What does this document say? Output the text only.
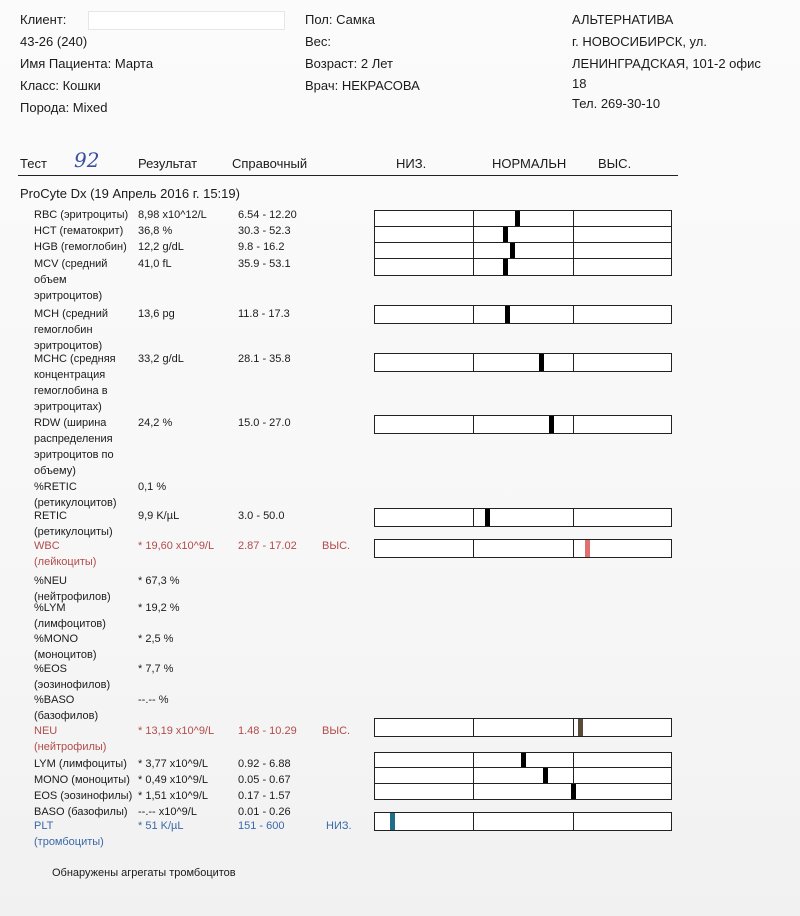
Клиент:
43-26 (240)
Имя Пациента: Марта
Класс: Кошки
Порода: Mixed
Пол: Самка
Вес:
Возраст: 2 Лет
Врач: НЕКРАСОВА
АЛЬТЕРНАТИВА
г. НОВОСИБИРСК, ул.
ЛЕНИНГРАДСКАЯ, 101-2 офис
18
Тел. 269-30-10
Тест 92	Результат	Справочный	НИЗ.	НОРМАЛЬН ВЫС.
ProCyte Dx (19 Апрель 2016 г. 15:19)
RBC (эритроциты) 8,98 x10^12/L	6.54 - 12.20
HCT (гематокрит) 36,8 %	30.3 - 52.3
HGB (гемоглобин) 12,2 g/dL	9.8 - 16.2
MCV (средний
объем
эритроцитов)
41,0 fL	35.9 - 53.1
MCH (средний
гемоглобин
эритроцитов)
13,6 pg	11.8 - 17.3
MCHC (средняя
концентрация
гемоглобина в
эритроцитах)
33,2 g/dL	28.1 - 35.8
RDW (ширина
распределения
эритроцитов по
объему)
24,2 %	15.0 - 27.0
%RETIC
(ретикулоцитов)
0,1 %
RETIC
(ретикулоциты)
9,9 K/µL	3.0 - 50.0
WBC
(лейкоциты)
* 19,60 x10^9/L 2.87 - 17.02 ВЫС.
%NEU
(нейтрофилов)
* 67,3 %
%LYM
(лимфоцитов)
* 19,2 %
%MONO
(моноцитов)
* 2,5 %
%EOS
(эозинофилов)
* 7,7 %
%BASO
(базофилов)
--.-- %
NEU
(нейтрофилы)
* 13,19 x10^9/L 1.48 - 10.29 ВЫС.
LYM (лимфоциты) * 3,77 x10^9/L	0.92 - 6.88
MONO (моноциты) * 0,49 x10^9/L	0.05 - 0.67
EOS (эозинофилы) * 1,51 x10^9/L	0.17 - 1.57
BASO (базофилы) --.-- x10^9/L	0.01 - 0.26
PLT
(тромбоциты)
* 51 K/µL	151 - 600	НИЗ.
Обнаружены агрегаты тромбоцитов
